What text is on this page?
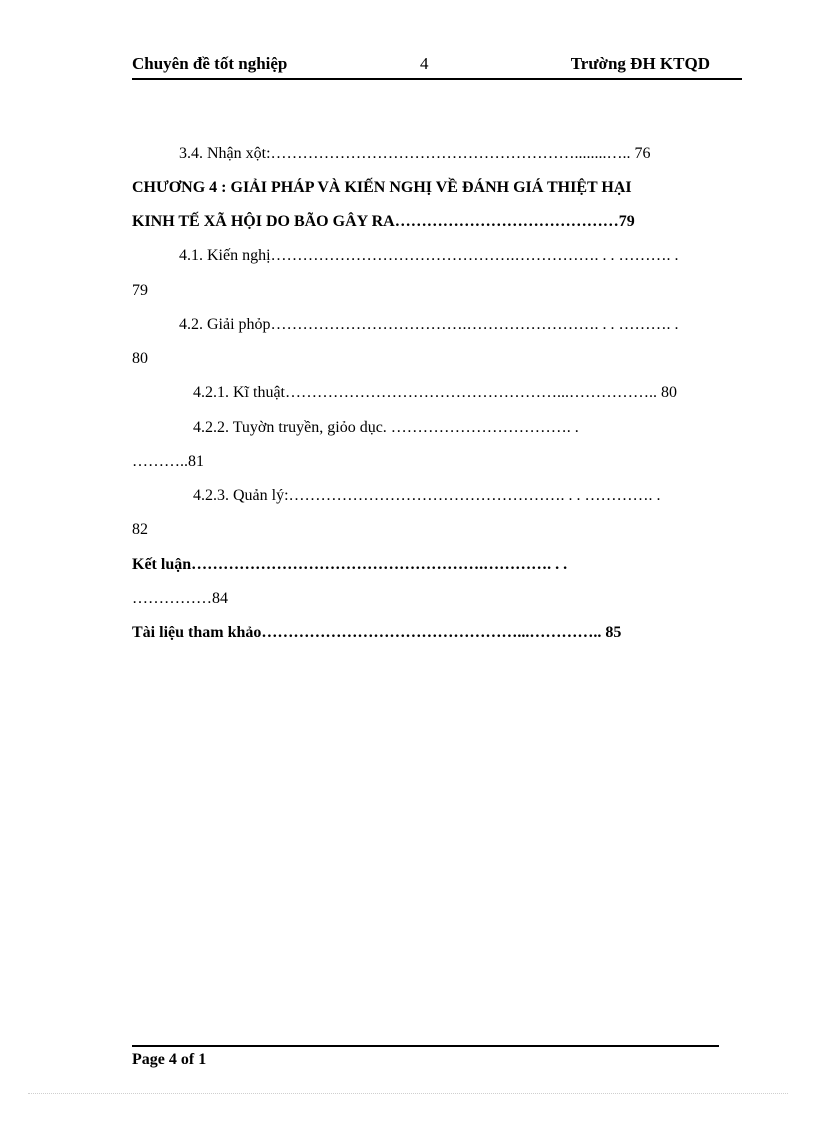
Chuyên đề tốt nghiệp	4	Trường ĐH KTQD
3.4. Nhận xột:…………………………………………………........….. 76
CHƯƠNG 4 : GIẢI PHÁP VÀ KIẾN NGHỊ VỀ ĐÁNH GIÁ THIỆT HẠI
KINH TẾ XÃ HỘI DO BÃO GÂY RA……………………………………79
4.1. Kiến nghị……………………………………….……………. . . ………. .
79
4.2. Giải phỏp……………………………….……………………. . . ………. .
80
4.2.1. Kĩ thuật……………………………………………...…………….. 80
4.2.2. Tuyờn truyền, giỏo dục. ……………………………. .
………..81
4.2.3. Quản lý:……………………………………………. . . …………. .
82
Kết luận……………………………………………….…………. . .
……………84
Tài liệu tham khảo…………………………………………...………….. 85
Page 4 of 1
